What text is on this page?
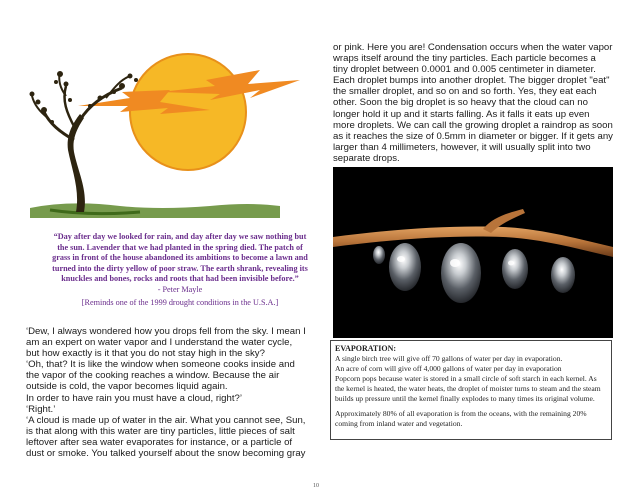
“Day after day we looked for rain, and day after day we saw nothing but the sun. Lavender that we had planted in the spring died. The patch of grass in front of the house abandoned its ambitions to become a lawn and turned into the dirty yellow of poor straw. The earth shrank, revealing its knuckles and bones, rocks and roots that had been invisible before.”
- Peter Mayle
[Reminds one of the 1999 drought conditions in the U.S.A.]

‘Dew, I always wondered how you drops fell from the sky. I mean I am an expert on water vapor and I understand the water cycle, but how exactly is it that you do not stay high in the sky?

‘Oh, that? It is like the window when someone cooks inside and the vapor of the cooking reaches a window. Because the air outside is cold, the vapor becomes liquid again.

In order to have rain you must have a cloud, right?’

‘Right.’

‘A cloud is made up of water in the air. What you cannot see, Sun, is that along with this water are tiny particles, little pieces of salt leftover after sea water evaporates for instance, or a particle of dust or smoke. You talked yourself about the snow becoming gray

or pink. Here you are! Condensation occurs when the water vapor wraps itself around the tiny particles. Each particle becomes a tiny droplet between 0.0001 and 0.005 centimeter in diameter.

Each droplet bumps into another droplet. The bigger droplet "eat" the smaller droplet, and so on and so forth. Yes, they eat each other. Soon the big droplet is so heavy that the cloud can no longer hold it up and it starts falling. As it falls it eats up even more droplets. We can call the growing droplet a raindrop as soon as it reaches the size of 0.5mm in diameter or bigger. If it gets any larger than 4 millimeters, however, it will usually split into two separate drops.

EVAPORATION:
A single birch tree will give off 70 gallons of water per day in evaporation.
An acre of corn will give off 4,000 gallons of water per day in evaporation
Popcorn pops because water is stored in a small circle of soft starch in each kernel. As the kernel is heated, the water heats, the droplet of moister turns to steam and the steam builds up pressure until the kernel finally explodes to many times its original volume.
Approximately 80% of all evaporation is from the oceans, with the remaining 20% coming from inland water and vegetation.
10
